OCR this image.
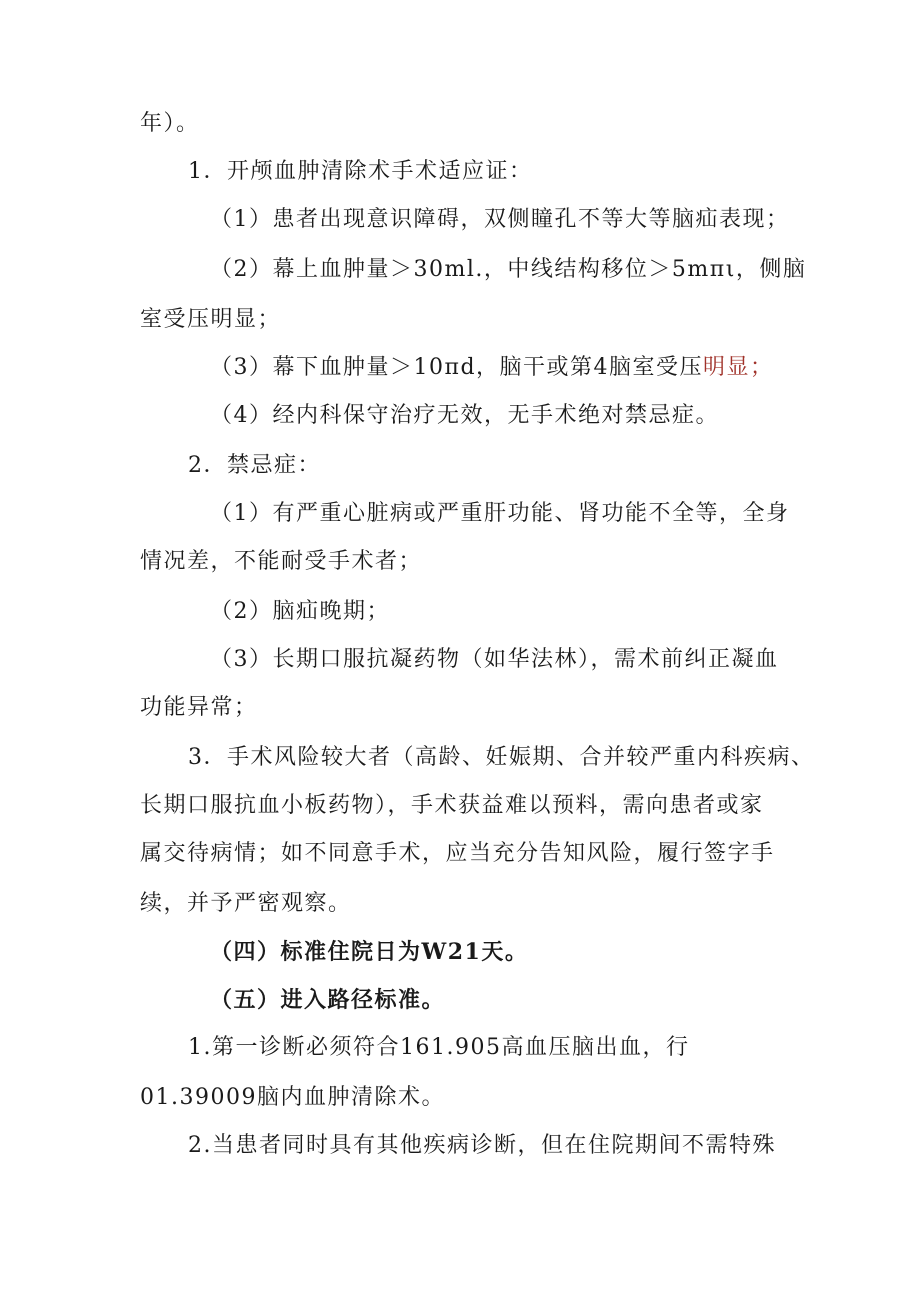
年）。
1．开颅血肿清除术手术适应证：
（1）患者出现意识障碍，双侧瞳孔不等大等脑疝表现；
（2）幕上血肿量＞30ml.，中线结构移位＞5mπι，侧脑
室受压明显；
（3）幕下血肿量＞10πd，脑干或第4脑室受压明显；
（4）经内科保守治疗无效，无手术绝对禁忌症。
2．禁忌症：
（1）有严重心脏病或严重肝功能、肾功能不全等，全身
情况差，不能耐受手术者；
（2）脑疝晚期；
（3）长期口服抗凝药物（如华法林），需术前纠正凝血
功能异常；
3．手术风险较大者（高龄、妊娠期、合并较严重内科疾病、
长期口服抗血小板药物），手术获益难以预料，需向患者或家
属交待病情；如不同意手术，应当充分告知风险，履行签字手
续，并予严密观察。
（四）标准住院日为W21天。
（五）进入路径标准。
1.第一诊断必须符合161.905高血压脑出血，行
01.39009脑内血肿清除术。
2.当患者同时具有其他疾病诊断，但在住院期间不需特殊
